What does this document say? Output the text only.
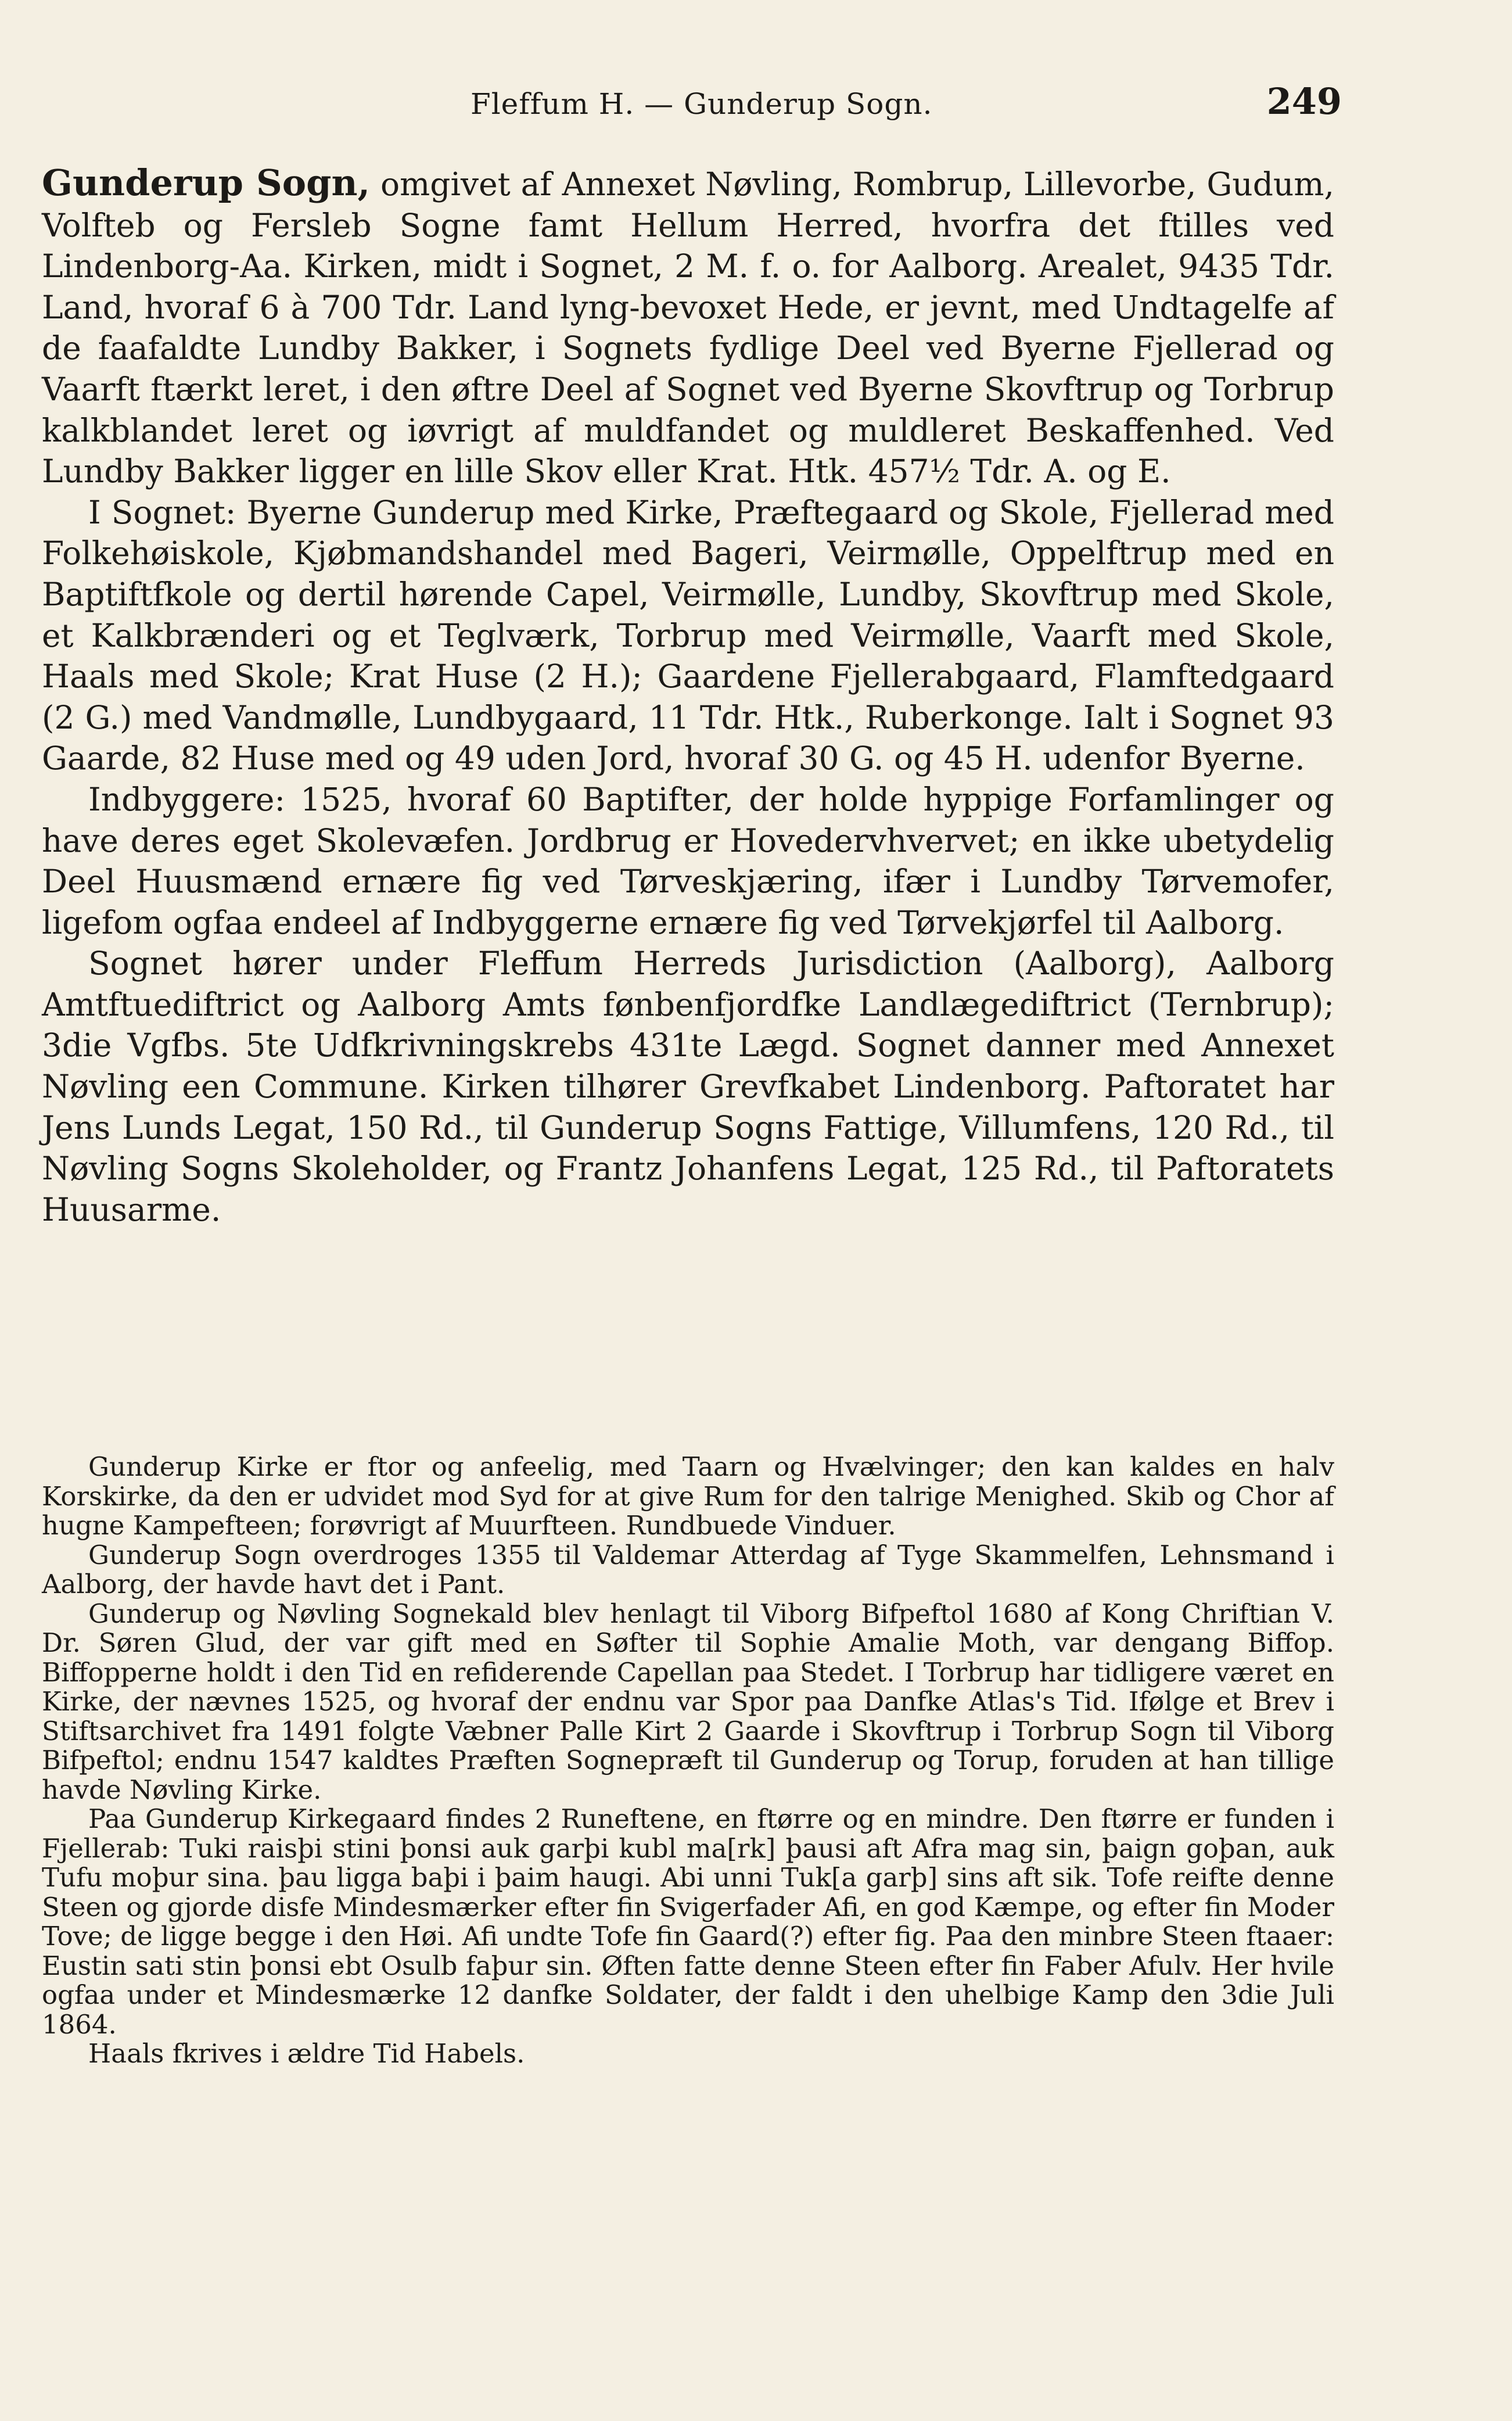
Fleffum H. — Gunderup Sogn.	249

Gunderup Sogn, omgivet af Annexet Nøvling, Rombrup, Lillevorbe, Gudum, Volfteb og Fersleb Sogne famt Hellum Herred, hvorfra det ftilles ved Lindenborg-Aa. Kirken, midt i Sognet, 2 M. f. o. for Aalborg. Arealet, 9435 Tdr. Land, hvoraf 6 à 700 Tdr. Land lyng-bevoxet Hede, er jevnt, med Undtagelfe af de faafaldte Lundby Bakker, i Sognets fydlige Deel ved Byerne Fjellerad og Vaarft ftærkt leret, i den øftre Deel af Sognet ved Byerne Skovftrup og Torbrup kalkblandet leret og iøvrigt af muldfandet og muldleret Beskaffenhed. Ved Lundby Bakker ligger en lille Skov eller Krat. Htk. 457½ Tdr. A. og E.

I Sognet: Byerne Gunderup med Kirke, Præftegaard og Skole, Fjellerad med Folkehøiskole, Kjøbmandshandel med Bageri, Veirmølle, Oppelftrup med en Baptiftfkole og dertil hørende Capel, Veirmølle, Lundby, Skovftrup med Skole, et Kalkbrænderi og et Teglværk, Torbrup med Veirmølle, Vaarft med Skole, Haals med Skole; Krat Huse (2 H.); Gaardene Fjellerabgaard, Flamftedgaard (2 G.) med Vandmølle, Lundbygaard, 11 Tdr. Htk., Ruberkonge. Ialt i Sognet 93 Gaarde, 82 Huse med og 49 uden Jord, hvoraf 30 G. og 45 H. udenfor Byerne.

Indbyggere: 1525, hvoraf 60 Baptifter, der holde hyppige Forfamlinger og have deres eget Skolevæfen. Jordbrug er Hovedervhvervet; en ikke ubetydelig Deel Huusmænd ernære fig ved Tørveskjæring, ifær i Lundby Tørvemofer, ligefom ogfaa endeel af Indbyggerne ernære fig ved Tørvekjørfel til Aalborg.

Sognet hører under Fleffum Herreds Jurisdiction (Aalborg), Aalborg Amtftuediftrict og Aalborg Amts fønbenfjordfke Landlægediftrict (Ternbrup); 3die Vgfbs. 5te Udfkrivningskrebs 431te Lægd. Sognet danner med Annexet Nøvling een Commune. Kirken tilhører Grevfkabet Lindenborg. Paftoratet har Jens Lunds Legat, 150 Rd., til Gunderup Sogns Fattige, Villumfens, 120 Rd., til Nøvling Sogns Skoleholder, og Frantz Johanfens Legat, 125 Rd., til Paftoratets Huusarme.

Gunderup Kirke er ftor og anfeelig, med Taarn og Hvælvinger; den kan kaldes en halv Korskirke, da den er udvidet mod Syd for at give Rum for den talrige Menighed. Skib og Chor af hugne Kampefteen; forøvrigt af Muurfteen. Rundbuede Vinduer.

Gunderup Sogn overdroges 1355 til Valdemar Atterdag af Tyge Skammelfen, Lehnsmand i Aalborg, der havde havt det i Pant.

Gunderup og Nøvling Sognekald blev henlagt til Viborg Bifpeftol 1680 af Kong Chriftian V. Dr. Søren Glud, der var gift med en Søfter til Sophie Amalie Moth, var dengang Biffop. Biffopperne holdt i den Tid en refiderende Capellan paa Stedet. I Torbrup har tidligere været en Kirke, der nævnes 1525, og hvoraf der endnu var Spor paa Danfke Atlas's Tid. Ifølge et Brev i Stiftsarchivet fra 1491 folgte Væbner Palle Kirt 2 Gaarde i Skovftrup i Torbrup Sogn til Viborg Bifpeftol; endnu 1547 kaldtes Præften Sognepræft til Gunderup og Torup, foruden at han tillige havde Nøvling Kirke.

Paa Gunderup Kirkegaard findes 2 Runeftene, en ftørre og en mindre. Den ftørre er funden i Fjellerab: Tuki raisþi stini þonsi auk garþi kubl ma[rk] þausi aft Afra mag sin, þaign goþan, auk Tufu moþur sina. þau ligga baþi i þaim haugi. Abi unni Tuk[a garþ] sins aft sik. Tofe reifte denne Steen og gjorde disfe Mindesmærker efter fin Svigerfader Afi, en god Kæmpe, og efter fin Moder Tove; de ligge begge i den Høi. Afi undte Tofe fin Gaard(?) efter fig. Paa den minbre Steen ftaaer: Eustin sati stin þonsi ebt Osulb faþur sin. Øften fatte denne Steen efter fin Faber Afulv. Her hvile ogfaa under et Mindesmærke 12 danfke Soldater, der faldt i den uhelbige Kamp den 3die Juli 1864.

Haals fkrives i ældre Tid Habels.
